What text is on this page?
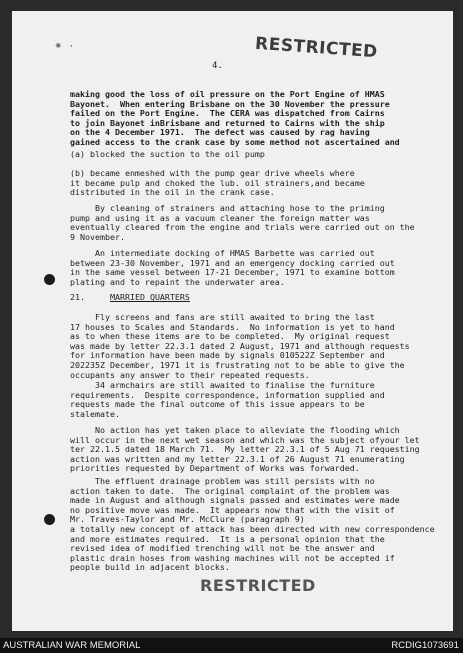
⁕ ·	RESTRICTED
4.
making good the loss of oil pressure on the Port Engine of HMAS
Bayonet.  When entering Brisbane on the 30 November the pressure
failed on the Port Engine.  The CERA was dispatched from Cairns
to join Bayonet inBrisbane and returned to Cairns with the ship
on the 4 December 1971.  The defect was caused by rag having
gained access to the crank case by some method not ascertained and
(a) blocked the suction to the oil pump

(b) became enmeshed with the pump gear drive wheels where
it became pulp and choked the lub. oil strainers,and became
distributed in the oil in the crank case.
By cleaning of strainers and attaching hose to the priming
pump and using it as a vacuum cleaner the foreign matter was
eventually cleared from the engine and trials were carried out on the
9 November.
An intermediate docking of HMAS Barbette was carried out
between 23-30 November, 1971 and an emergency docking carried out
in the same vessel between 17-21 December, 1971 to examine bottom
plating and to repaint the underwater area.
21.	MARRIED QUARTERS
Fly screens and fans are still awaited to bring the last
17 houses to Scales and Standards.  No information is yet to hand
as to when these items are to be completed.  My original request
was made by letter 22.3.1 dated 2 August, 1971 and although requests
for information have been made by signals 010522Z September and
202235Z December, 1971 it is frustrating not to be able to give the
occupants any answer to their repeated requests.
34 armchairs are still awaited to finalise the furniture
requirements.  Despite correspondence, information supplied and
requests made the final outcome of this issue appears to be
stalemate.
No action has yet taken place to alleviate the flooding which
will occur in the next wet season and which was the subject ofyour let
ter 22.1.5 dated 18 March 71.  My letter 22.3.1 of 5 Aug 71 requesting
action was written and my letter 22.3.1 of 26 August 71 enumerating
priorities requested by Department of Works was forwarded.
The effluent drainage problem was still persists with no
action taken to date.  The original complaint of the problem was
made in August and although signals passed and estimates were made
no positive move was made.  It appears now that with the visit of
Mr. Traves-Taylor and Mr. McClure (paragraph 9)
a totally new concept of attack has been directed with new correspondence
and more estimates required.  It is a personal opinion that the
revised idea of modified trenching will not be the answer and
plastic drain hoses from washing machines will not be accepted if
people build in adjacent blocks.
RESTRICTED
AUSTRALIAN WAR MEMORIAL	RCDIG1073691
